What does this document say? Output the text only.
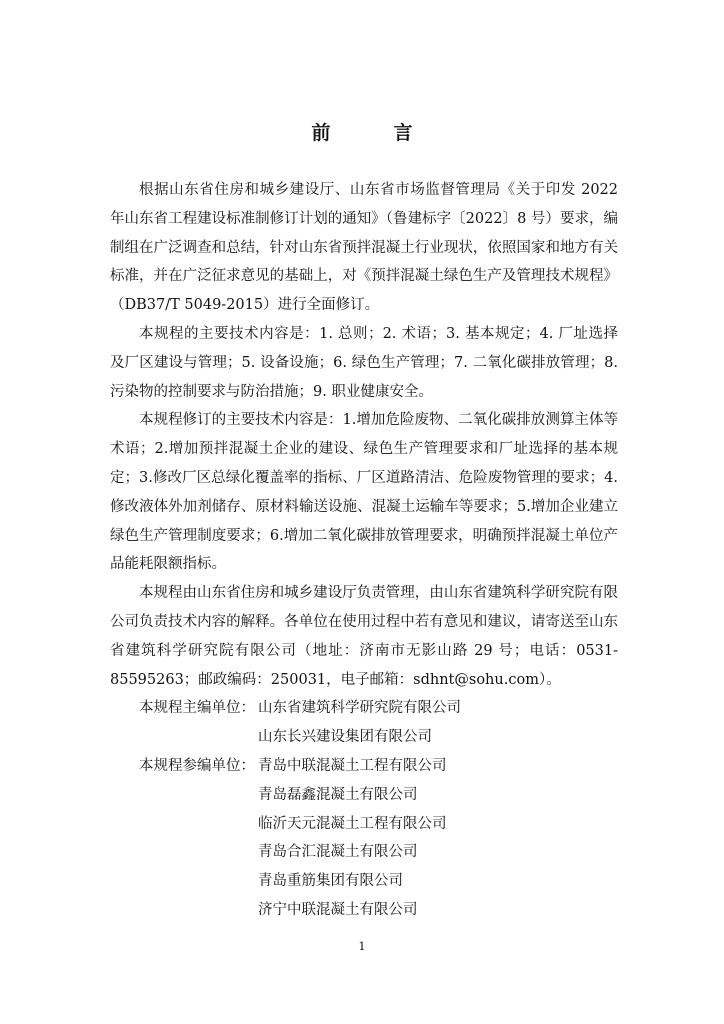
前　言

根据山东省住房和城乡建设厅、山东省市场监督管理局《关于印发 2022 年山东省工程建设标准制修订计划的通知》（鲁建标字〔2022〕8 号）要求，编制组在广泛调查和总结，针对山东省预拌混凝土行业现状，依照国家和地方有关标准，并在广泛征求意见的基础上，对《预拌混凝土绿色生产及管理技术规程》（DB37/T 5049-2015）进行全面修订。

本规程的主要技术内容是：1. 总则；2. 术语；3. 基本规定；4. 厂址选择及厂区建设与管理；5. 设备设施；6. 绿色生产管理；7. 二氧化碳排放管理；8. 污染物的控制要求与防治措施；9. 职业健康安全。

本规程修订的主要技术内容是：1.增加危险废物、二氧化碳排放测算主体等术语；2.增加预拌混凝土企业的建设、绿色生产管理要求和厂址选择的基本规定；3.修改厂区总绿化覆盖率的指标、厂区道路清洁、危险废物管理的要求；4.修改液体外加剂储存、原材料输送设施、混凝土运输车等要求；5.增加企业建立绿色生产管理制度要求；6.增加二氧化碳排放管理要求，明确预拌混凝土单位产品能耗限额指标。

本规程由山东省住房和城乡建设厅负责管理，由山东省建筑科学研究院有限公司负责技术内容的解释。各单位在使用过程中若有意见和建议，请寄送至山东省建筑科学研究院有限公司（地址：济南市无影山路 29 号；电话：0531-85595263；邮政编码：250031，电子邮箱：sdhnt@sohu.com）。

本规程主编单位： 山东省建筑科学研究院有限公司
山东长兴建设集团有限公司
本规程参编单位： 青岛中联混凝土工程有限公司
青岛磊鑫混凝土有限公司
临沂天元混凝土工程有限公司
青岛合汇混凝土有限公司
青岛重筋集团有限公司
济宁中联混凝土有限公司
1
